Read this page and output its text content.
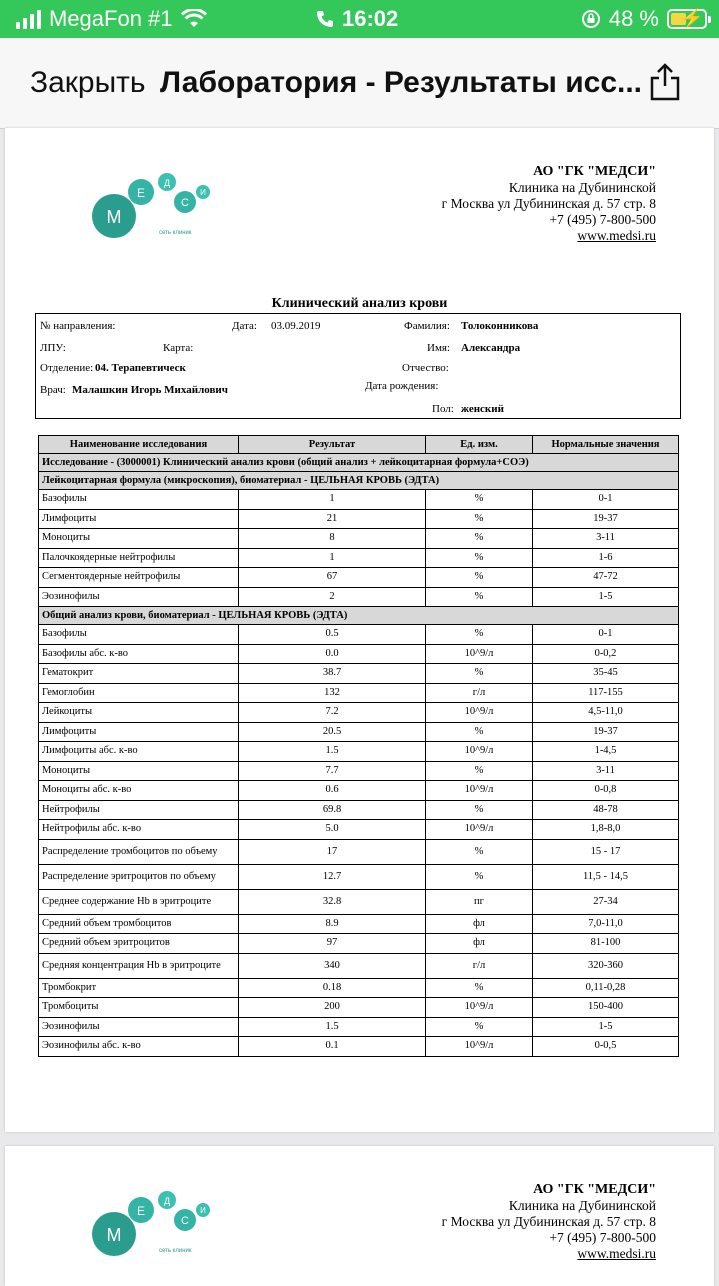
MegaFon #1	16:02	48 % ⚡
Закрыть Лаборатория - Результаты исс...
М
Е
Д
С
И
сеть клиник
АО "ГК "МЕДСИ"
Клиника на Дубининской
г Москва ул Дубининская д. 57 стр. 8
+7 (495) 7-800-500
www.medsi.ru
Клинический анализ крови
№ направления:	Дата: 03.09.2019	Фамилия: Толоконникова
ЛПУ:	Карта:	Имя: Александра
Отделение: 04. Терапевтическ	Отчество:
Врач: Малашкин Игорь Михайлович	Дата рождения:
Пол: женский
Наименование исследования	Результат	Ед. изм.	Нормальные значения
Исследование - (3000001) Клинический анализ крови (общий анализ + лейкоцитарная формула+СОЭ)			
Лейкоцитарная формула (микроскопия), биоматериал - ЦЕЛЬНАЯ КРОВЬ (ЭДТА)			
Базофилы	1	%	0-1
Лимфоциты	21	%	19-37
Моноциты	8	%	3-11
Палочкоядерные нейтрофилы	1	%	1-6
Сегментоядерные нейтрофилы	67	%	47-72
Эозинофилы	2	%	1-5
Общий анализ крови, биоматериал - ЦЕЛЬНАЯ КРОВЬ (ЭДТА)			
Базофилы	0.5	%	0-1
Базофилы абс. к-во	0.0	10^9/л	0-0,2
Гематокрит	38.7	%	35-45
Гемоглобин	132	г/л	117-155
Лейкоциты	7.2	10^9/л	4,5-11,0
Лимфоциты	20.5	%	19-37
Лимфоциты абс. к-во	1.5	10^9/л	1-4,5
Моноциты	7.7	%	3-11
Моноциты абс. к-во	0.6	10^9/л	0-0,8
Нейтрофилы	69.8	%	48-78
Нейтрофилы абс. к-во	5.0	10^9/л	1,8-8,0
Распределение тромбоцитов по объему	17	%	15 - 17
Распределение эритроцитов по объему	12.7	%	11,5 - 14,5
Среднее содержание Hb в эритроците	32.8	пг	27-34
Средний объем тромбоцитов	8.9	фл	7,0-11,0
Средний объем эритроцитов	97	фл	81-100
Средняя концентрация Hb в эритроците	340	г/л	320-360
Тромбокрит	0.18	%	0,11-0,28
Тромбоциты	200	10^9/л	150-400
Эозинофилы	1.5	%	1-5
Эозинофилы абс. к-во	0.1	10^9/л	0-0,5
М
Е
Д
С
И
сеть клиник
АО "ГК "МЕДСИ"
Клиника на Дубининской
г Москва ул Дубининская д. 57 стр. 8
+7 (495) 7-800-500
www.medsi.ru
